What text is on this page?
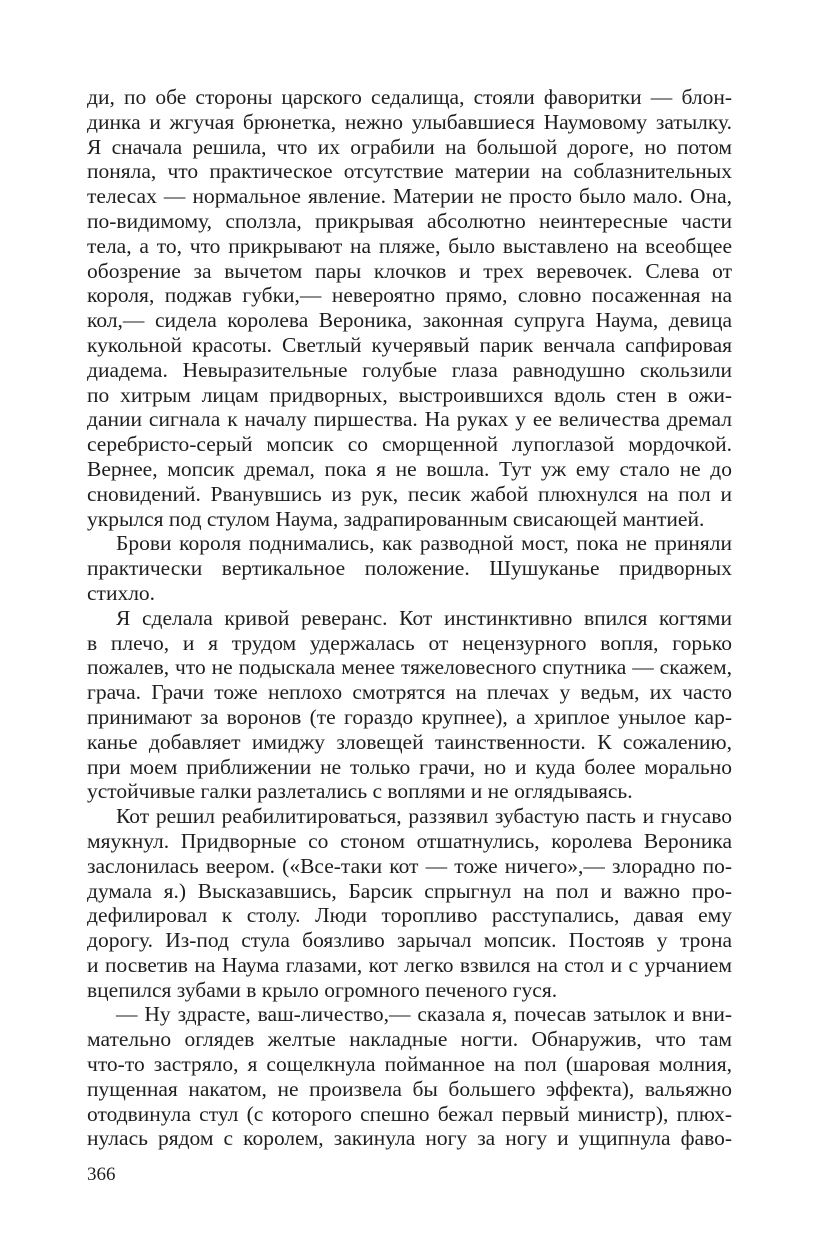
ди, по обе стороны царского седалища, стояли фаворитки — блон-
динка и жгучая брюнетка, нежно улыбавшиеся Наумовому затылку.
Я сначала решила, что их ограбили на большой дороге, но потом
поняла, что практическое отсутствие материи на соблазнительных
телесах — нормальное явление. Материи не просто было мало. Она,
по-видимому, сползла, прикрывая абсолютно неинтересные части
тела, а то, что прикрывают на пляже, было выставлено на всеобщее
обозрение за вычетом пары клочков и трех веревочек. Слева от
короля, поджав губки,— невероятно прямо, словно посаженная на
кол,— сидела королева Вероника, законная супруга Наума, девица
кукольной красоты. Светлый кучерявый парик венчала сапфировая
диадема. Невыразительные голубые глаза равнодушно скользили
по хитрым лицам придворных, выстроившихся вдоль стен в ожи-
дании сигнала к началу пиршества. На руках у ее величества дремал
серебристо-серый мопсик со сморщенной лупоглазой мордочкой.
Вернее, мопсик дремал, пока я не вошла. Тут уж ему стало не до
сновидений. Рванувшись из рук, песик жабой плюхнулся на пол и
укрылся под стулом Наума, задрапированным свисающей мантией.
Брови короля поднимались, как разводной мост, пока не приняли
практически вертикальное положение. Шушуканье придворных
стихло.
Я сделала кривой реверанс. Кот инстинктивно впился когтями
в плечо, и я трудом удержалась от нецензурного вопля, горько
пожалев, что не подыскала менее тяжеловесного спутника — скажем,
грача. Грачи тоже неплохо смотрятся на плечах у ведьм, их часто
принимают за воронов (те гораздо крупнее), а хриплое унылое кар-
канье добавляет имиджу зловещей таинственности. К сожалению,
при моем приближении не только грачи, но и куда более морально
устойчивые галки разлетались с воплями и не оглядываясь.
Кот решил реабилитироваться, раззявил зубастую пасть и гнусаво
мяукнул. Придворные со стоном отшатнулись, королева Вероника
заслонилась веером. («Все-таки кот — тоже ничего»,— злорадно по-
думала я.) Высказавшись, Барсик спрыгнул на пол и важно про-
дефилировал к столу. Люди торопливо расступались, давая ему
дорогу. Из-под стула боязливо зарычал мопсик. Постояв у трона
и посветив на Наума глазами, кот легко взвился на стол и с урчанием
вцепился зубами в крыло огромного печеного гуся.
— Ну здрасте, ваш-личество,— сказала я, почесав затылок и вни-
мательно оглядев желтые накладные ногти. Обнаружив, что там
что-то застряло, я сощелкнула пойманное на пол (шаровая молния,
пущенная накатом, не произвела бы большего эффекта), вальяжно
отодвинула стул (с которого спешно бежал первый министр), плюх-
нулась рядом с королем, закинула ногу за ногу и ущипнула фаво-
366
